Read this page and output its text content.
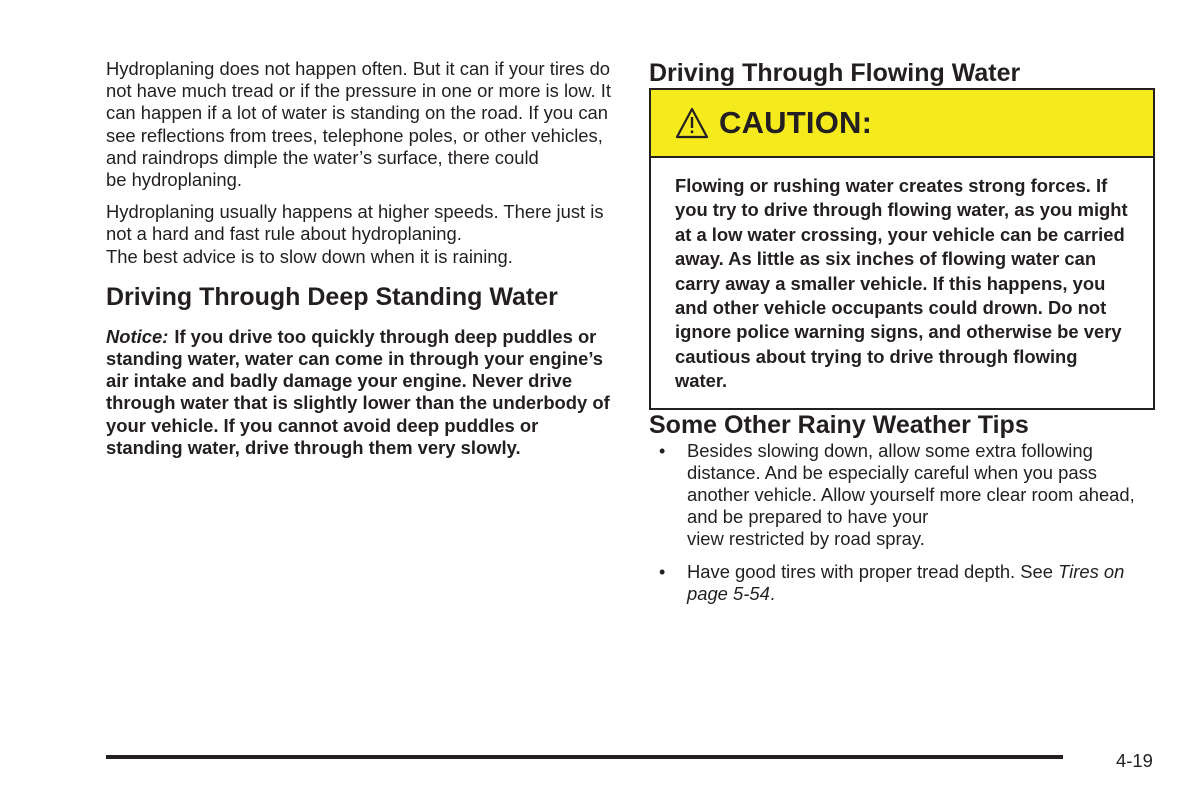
Hydroplaning does not happen often. But it can if your tires do not have much tread or if the pressure in one or more is low. It can happen if a lot of water is standing on the road. If you can see reflections from trees, telephone poles, or other vehicles, and raindrops dimple the water’s surface, there could
be hydroplaning.

Hydroplaning usually happens at higher speeds. There just is not a hard and fast rule about hydroplaning.
The best advice is to slow down when it is raining.

Driving Through Deep Standing Water

Notice: If you drive too quickly through deep puddles or standing water, water can come in through your engine’s air intake and badly damage your engine. Never drive through water that is slightly lower than the underbody of your vehicle. If you cannot avoid deep puddles or standing water, drive through them very slowly.

Driving Through Flowing Water
CAUTION:

Flowing or rushing water creates strong forces. If you try to drive through flowing water, as you might at a low water crossing, your vehicle can be carried away. As little as six inches of flowing water can carry away a smaller vehicle. If this happens, you and other vehicle occupants could drown. Do not ignore police warning signs, and otherwise be very cautious about trying to drive through flowing water.

Some Other Rainy Weather Tips
• Besides slowing down, allow some extra following distance. And be especially careful when you pass another vehicle. Allow yourself more clear room ahead, and be prepared to have your
view restricted by road spray.
• Have good tires with proper tread depth. See Tires on page 5-54.
4-19
